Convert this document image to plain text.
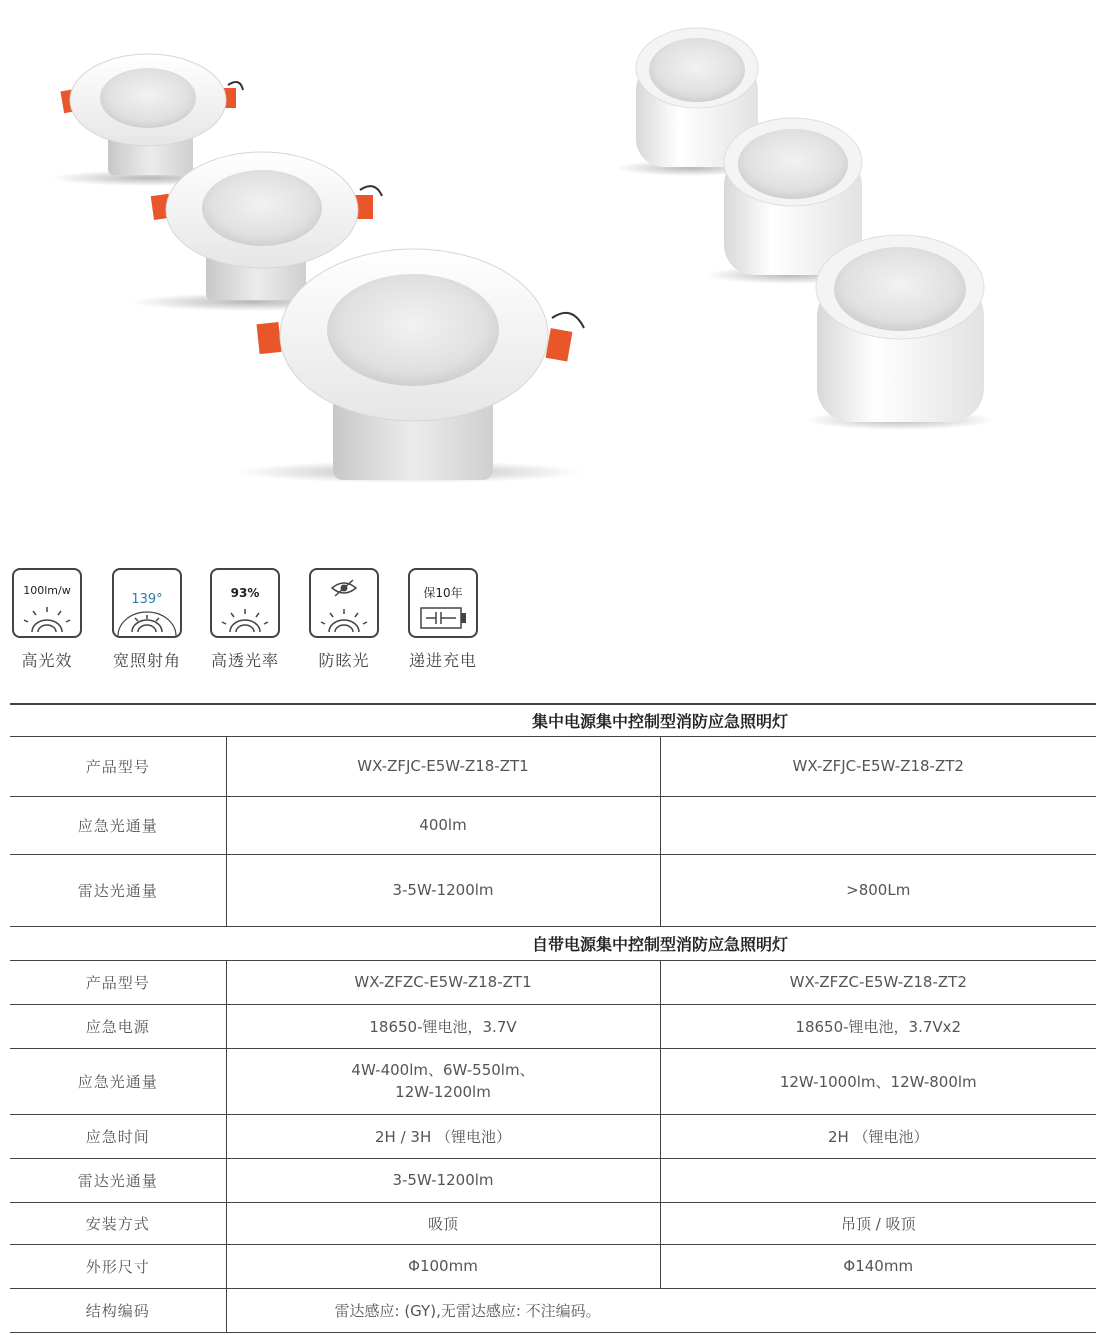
100lm/w
高光效
139°
宽照射角
93%
高透光率	防眩光
保10年
递进充电
集中电源集中控制型消防应急照明灯		
产品型号	WX-ZFJC-E5W-Z18-ZT1	WX-ZFJC-E5W-Z18-ZT2
应急光通量	400lm	
雷达光通量	3-5W-1200lm	>800Lm
自带电源集中控制型消防应急照明灯		
产品型号	WX-ZFZC-E5W-Z18-ZT1	WX-ZFZC-E5W-Z18-ZT2
应急电源	18650-锂电池，3.7V	18650-锂电池，3.7Vx2
应急光通量	4W-400lm、6W-550lm、
12W-1200lm	12W-1000lm、12W-800lm
应急时间	2H / 3H （锂电池）	2H （锂电池）
雷达光通量	3-5W-1200lm	
安装方式	吸顶	吊顶 / 吸顶
外形尺寸	Φ100mm	Φ140mm
结构编码	雷达感应: (GY),无雷达感应: 不注编码。	
